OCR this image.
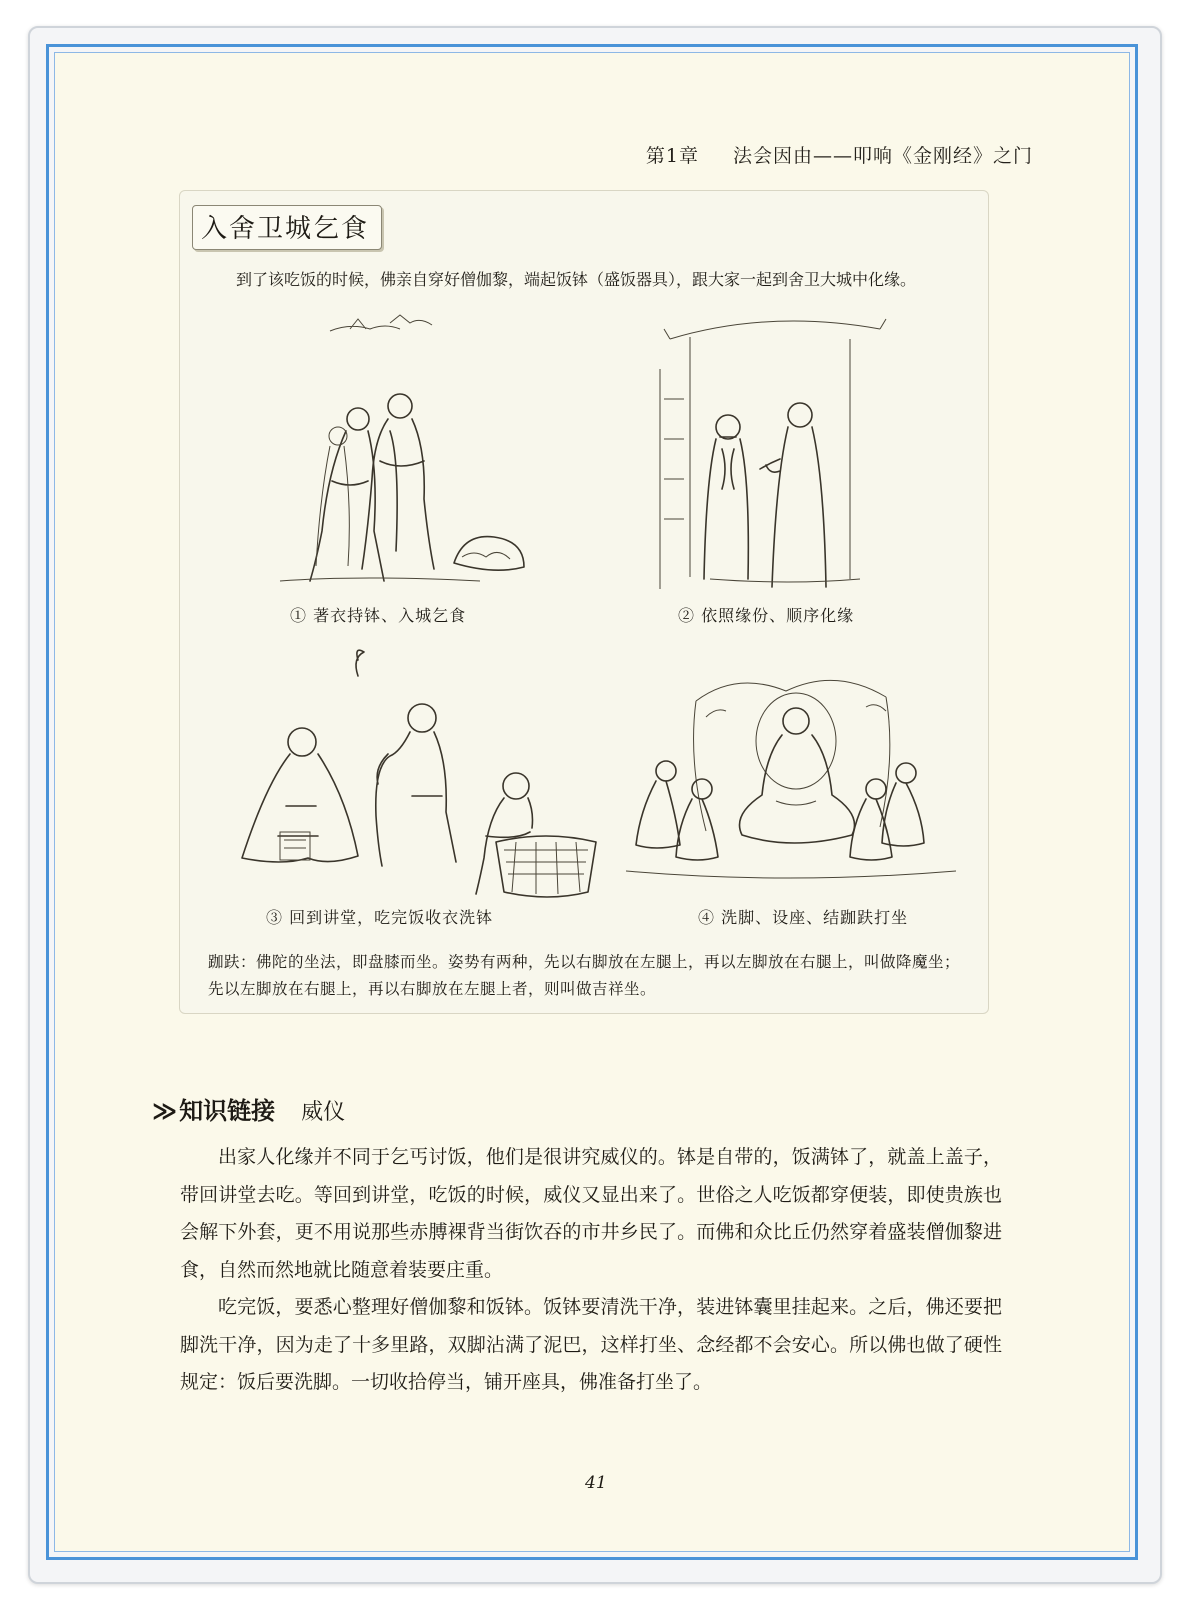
第1章 法会因由——叩响《金刚经》之门
入舍卫城乞食
到了该吃饭的时候，佛亲自穿好僧伽黎，端起饭钵（盛饭器具），跟大家一起到舍卫大城中化缘。
① 著衣持钵、入城乞食	② 依照缘份、顺序化缘
③ 回到讲堂，吃完饭收衣洗钵	④ 洗脚、设座、结跏趺打坐
跏趺：佛陀的坐法，即盘膝而坐。姿势有两种，先以右脚放在左腿上，再以左脚放在右腿上，叫做降魔坐；先以左脚放在右腿上，再以右脚放在左腿上者，则叫做吉祥坐。
≫知识链接 威仪

出家人化缘并不同于乞丐讨饭，他们是很讲究威仪的。钵是自带的，饭满钵了，就盖上盖子，带回讲堂去吃。等回到讲堂，吃饭的时候，威仪又显出来了。世俗之人吃饭都穿便装，即使贵族也会解下外套，更不用说那些赤膊裸背当街饮吞的市井乡民了。而佛和众比丘仍然穿着盛装僧伽黎进食，自然而然地就比随意着装要庄重。

吃完饭，要悉心整理好僧伽黎和饭钵。饭钵要清洗干净，装进钵囊里挂起来。之后，佛还要把脚洗干净，因为走了十多里路，双脚沾满了泥巴，这样打坐、念经都不会安心。所以佛也做了硬性规定：饭后要洗脚。一切收拾停当，铺开座具，佛准备打坐了。

41
